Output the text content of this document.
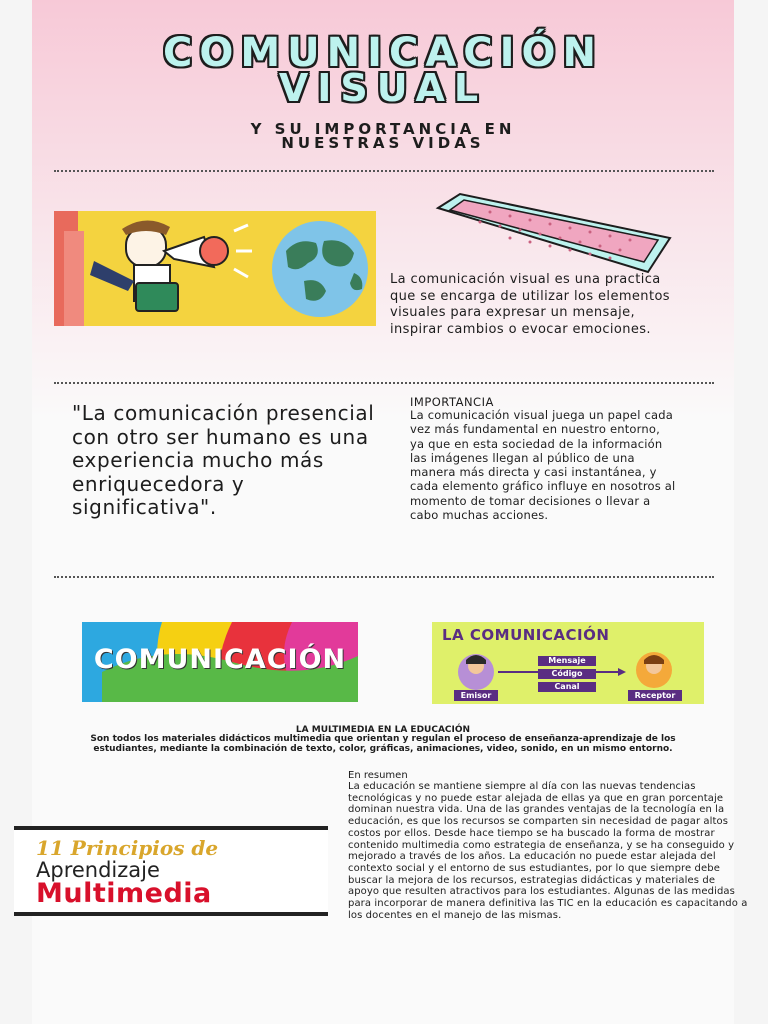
COMUNICACIÓN
VISUAL
Y SU IMPORTANCIA EN
NUESTRAS VIDAS
La comunicación visual es una practica que se encarga de utilizar los elementos visuales para expresar un mensaje, inspirar cambios o evocar emociones.
"La comunicación presencial con otro ser humano es una experiencia mucho más enriquecedora y significativa".
IMPORTANCIA
La comunicación visual juega un papel cada vez más fundamental en nuestro entorno, ya que en esta sociedad de la información las imágenes llegan al público de una manera más directa y casi instantánea, y cada elemento gráfico influye en nosotros al momento de tomar decisiones o llevar a cabo muchas acciones.
COMUNICACIÓN
LA COMUNICACIÓN
Mensaje
Código
Canal
Emisor	Receptor
LA MULTIMEDIA EN LA EDUCACIÓN
Son todos los materiales didácticos multimedia que orientan y regulan el proceso de enseñanza-aprendizaje de los estudiantes, mediante la combinación de texto, color, gráficas, animaciones, video, sonido, en un mismo entorno.
11 Principios de
Aprendizaje
Multimedia
En resumen
La educación se mantiene siempre al día con las nuevas tendencias tecnológicas y no puede estar alejada de ellas ya que en gran porcentaje dominan nuestra vida. Una de las grandes ventajas de la tecnología en la educación, es que los recursos se comparten sin necesidad de pagar altos costos por ellos. Desde hace tiempo se ha buscado la forma de mostrar contenido multimedia como estrategia de enseñanza, y se ha conseguido y mejorado a través de los años. La educación no puede estar alejada del contexto social y el entorno de sus estudiantes, por lo que siempre debe buscar la mejora de los recursos, estrategias didácticas y materiales de apoyo que resulten atractivos para los estudiantes. Algunas de las medidas para incorporar de manera definitiva las TIC en la educación es capacitando a los docentes en el manejo de las mismas.
